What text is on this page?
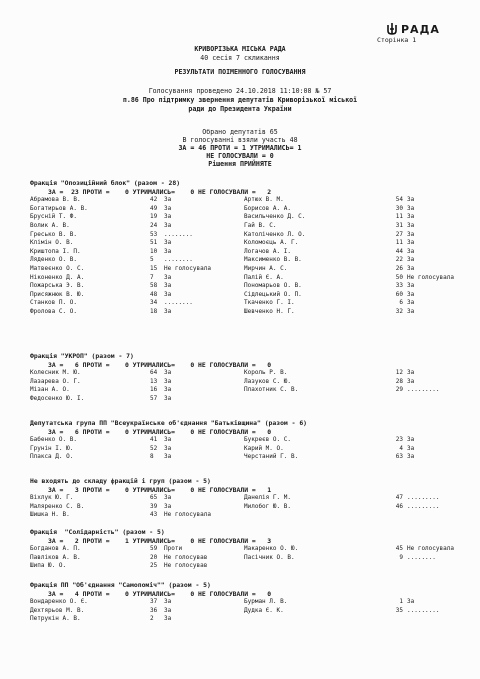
РАДА
Сторінка 1
КРИВОРІЗЬКА МІСЬКА РАДА
40 сесія 7 скликання
РЕЗУЛЬТАТИ ПОІМЕННОГО ГОЛОСУВАННЯ
Голосування проведено 24.10.2018 11:10:08 № 57
п.86 Про підтримку звернення депутатів Криворізької міської
ради до Президента України
Обрано депутатів 65
В голосуванні взяли участь 48
ЗА = 46 ПРОТИ = 1 УТРИМАЛИСЬ= 1
НЕ ГОЛОСУВАЛИ = 0
Рішення ПРИЙНЯТЕ
Фракція "Опозиційний блок" (разом - 28)
ЗА =  23 ПРОТИ =    0 УТРИМАЛИСЬ=    0 НЕ ГОЛОСУВАЛИ =   2
Абрамова В. В.	42 За	Артюх В. М.	54 За
Богатирьов А. В.	49 За	Борисов А. А.	30 За
Брусній Т. Ф.	19 За	Васильченко Д. С.	11 За
Волик А. В.	24 За	Гай В. С.	31 За
Гресько В. В.	53 ........	Католіченко Л. О.	27 За
Клімін О. В.	51 За	Коломоєць А. Г.	11 За
Криштопа І. П.	10 За	Логачов А. І.	44 За
Ляденко О. В.	5 ........	Максименко В. В.	22 За
Матвеєнко О. С.	15 Не голосувала	Мирчин А. С.	26 За
Ніконенко Д. А.	7 За	Палій Є. А.	50 Не голосувала
Пожарська Э. В.	58 За	Пономарьов О. В.	33 За
Присяжнюк В. Ю.	48 За	Сідлецький О. П.	60 За
Станков П. О.	34 ........	Ткаченко Г. І.	6 За
Фролова С. О.	18 За	Шевченко Н. Г.	32 За
Фракція "УКРОП" (разом - 7)
ЗА =   6 ПРОТИ =    0 УТРИМАЛИСЬ=    0 НЕ ГОЛОСУВАЛИ =   0
Колесник М. Ю.	64 За	Король Р. В.	12 За
Лазарева О. Г.	13 За	Лазуков С. Ю.	28 За
Мізан А. О.	16 За	Плахотник С. В.	29 .........
Федосенко Ю. І.	57 За
Депутатська група ПП "Всеукраїнське об'єднання "Батьківщина" (разом - 6)
ЗА =   6 ПРОТИ =    0 УТРИМАЛИСЬ=    0 НЕ ГОЛОСУВАЛИ =   0
Бабенко О. В.	41 За	Букреєв О. С.	23 За
Грунін І. Ю.	52 За	Карий М. О.	4 За
Плакса Д. О.	8 За	Черстаний Г. В.	63 За
Не входять до складу фракцій і груп (разом - 5)
ЗА =   3 ПРОТИ =    0 УТРИМАЛИСЬ=    0 НЕ ГОЛОСУВАЛИ =   1
Віхлук Ю. Г.	65 За	Данелія Г. М.	47 .........
Маляренко С. В.	39 За	Милобог Ю. В.	46 .........
Шишка Н. В.	43 Не голосувала
Фракція  "Солідарність" (разом - 5)
ЗА =   2 ПРОТИ =    1 УТРИМАЛИСЬ=    0 НЕ ГОЛОСУВАЛИ =   3
Богданов А. П.	59 Проти	Макаренко О. Ю.	45 Не голосувала
Павліков А. В.	20 Не голосував	Пасічник О. В.	9 ........
Шипа Ю. О.	25 Не голосував
Фракція ПП "Об'єднання "Самопоміч"" (разом - 5)
ЗА =   4 ПРОТИ =    0 УТРИМАЛИСЬ=    0 НЕ ГОЛОСУВАЛИ =   0
Вондаренко О. Є.	37 За	Бурман Л. В.	1 За
Дехтярьов М. В.	36 За	Дудка Є. К.	35 .........
Петрукін А. В.	2 За
